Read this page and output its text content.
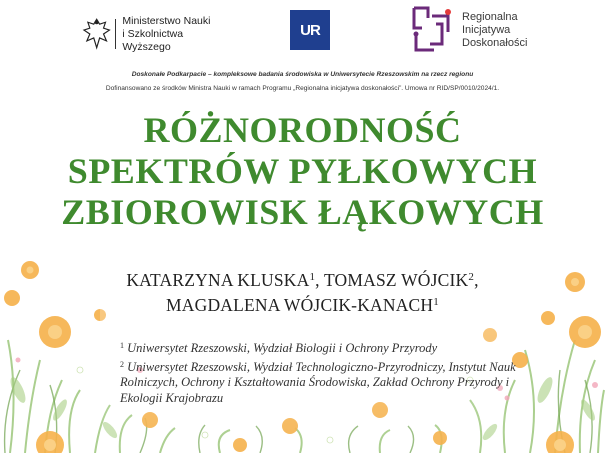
Ministerstwo Nauki
i Szkolnictwa Wyższego
UR
Regionalna
Inicjatywa
Doskonałości
Doskonałe Podkarpacie – kompleksowe badania środowiska w Uniwersytecie Rzeszowskim na rzecz regionu
Dofinansowano ze środków Ministra Nauki w ramach Programu „Regionalna inicjatywa doskonałości”. Umowa nr RID/SP/0010/2024/1.
RÓŻNORODNOŚĆ
SPEKTRÓW PYŁKOWYCH
ZBIOROWISK ŁĄKOWYCH
KATARZYNA KLUSKA$^1$, TOMASZ WÓJCIK$^2$,
MAGDALENA WÓJCIK-KANACH$^1$
$^1$ Uniwersytet Rzeszowski, Wydział Biologii i Ochrony Przyrody
$^2$ Uniwersytet Rzeszowski, Wydział Technologiczno-Przyrodniczy, Instytut Nauk Rolniczych, Ochrony i Kształtowania Środowiska, Zakład Ochrony Przyrody i Ekologii Krajobrazu
